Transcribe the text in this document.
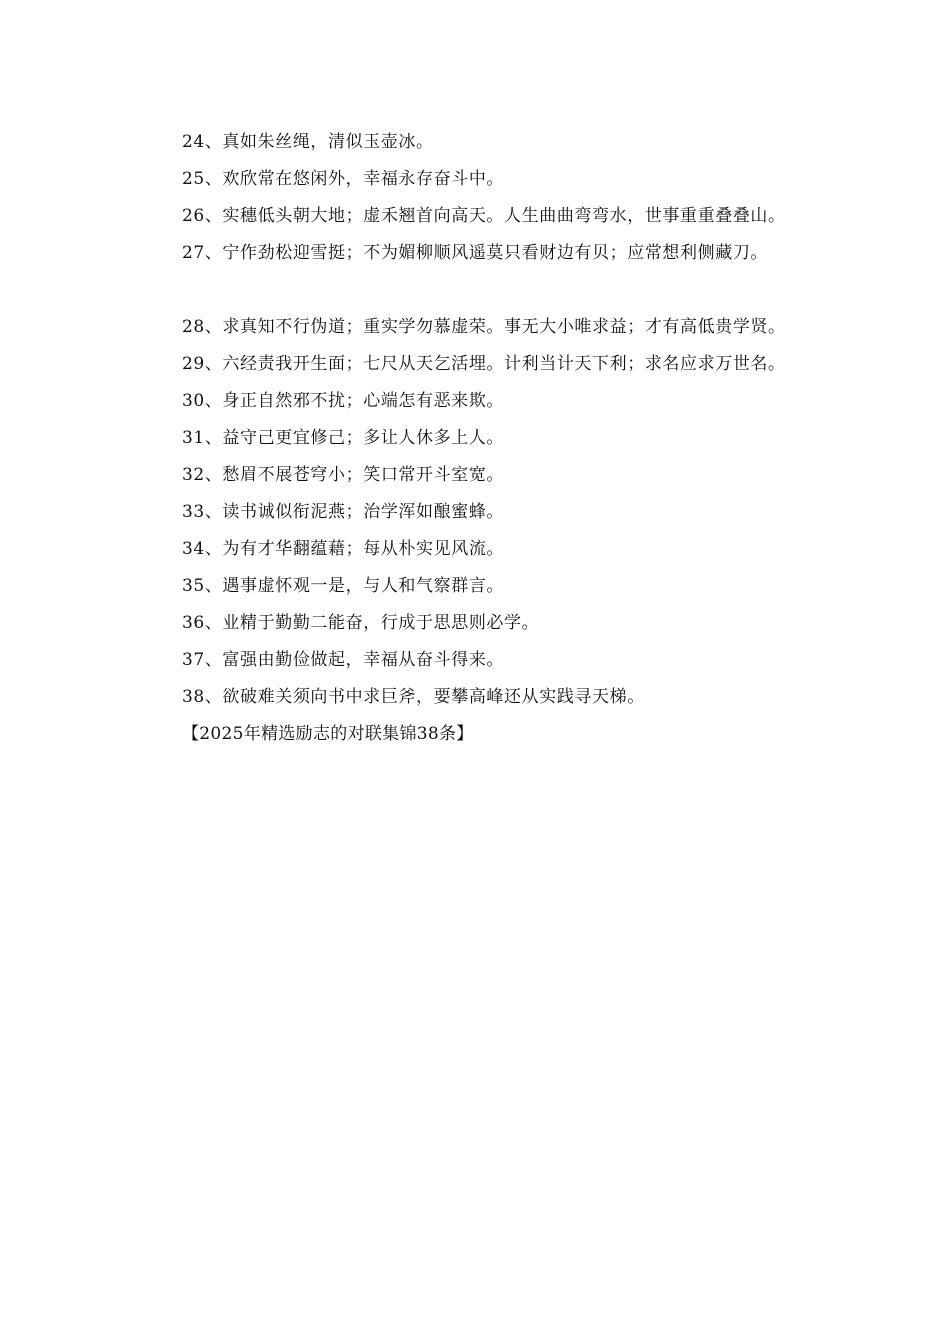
24、真如朱丝绳，清似玉壶冰。

25、欢欣常在悠闲外，幸福永存奋斗中。

26、实穗低头朝大地；虚禾翘首向高天。人生曲曲弯弯水，世事重重叠叠山。

27、宁作劲松迎雪挺；不为媚柳顺风遥莫只看财边有贝；应常想利侧藏刀。

28、求真知不行伪道；重实学勿慕虚荣。事无大小唯求益；才有高低贵学贤。

29、六经责我开生面；七尺从天乞活埋。计利当计天下利；求名应求万世名。

30、身正自然邪不扰；心端怎有恶来欺。

31、益守己更宜修己；多让人休多上人。

32、愁眉不展苍穹小；笑口常开斗室宽。

33、读书诚似衔泥燕；治学浑如酿蜜蜂。

34、为有才华翻蕴藉；每从朴实见风流。

35、遇事虚怀观一是，与人和气察群言。

36、业精于勤勤二能奋，行成于思思则必学。

37、富强由勤俭做起，幸福从奋斗得来。

38、欲破难关须向书中求巨斧，要攀高峰还从实践寻天梯。

【2025年精选励志的对联集锦38条】
